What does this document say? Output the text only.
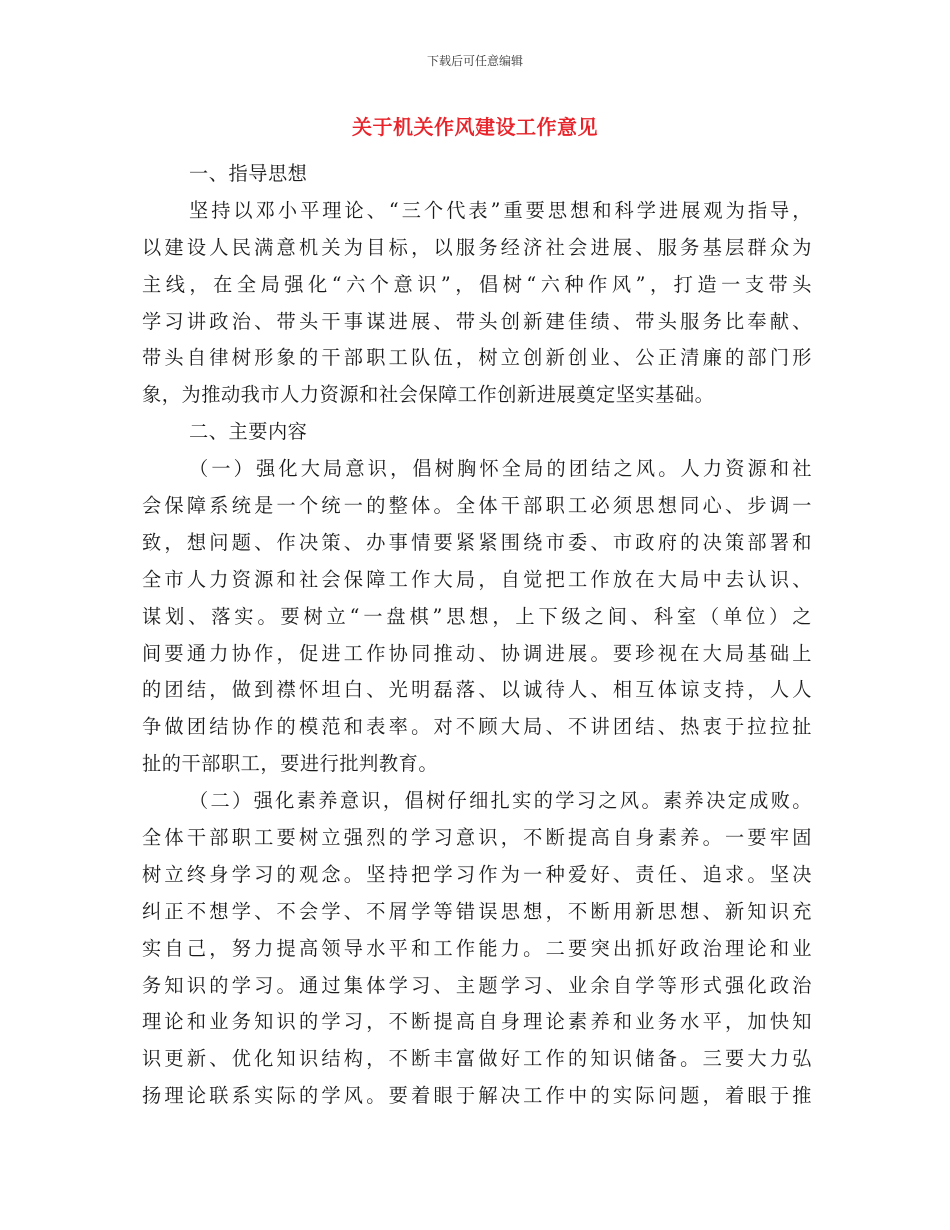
下载后可任意编辑
关于机关作风建设工作意见
一、指导思想
坚持以邓小平理论、“三个代表”重要思想和科学进展观为指导，
以建设人民满意机关为目标，以服务经济社会进展、服务基层群众为
主线，在全局强化“六个意识”，倡树“六种作风”，打造一支带头
学习讲政治、带头干事谋进展、带头创新建佳绩、带头服务比奉献、
带头自律树形象的干部职工队伍，树立创新创业、公正清廉的部门形
象，为推动我市人力资源和社会保障工作创新进展奠定坚实基础。
二、主要内容
（一）强化大局意识，倡树胸怀全局的团结之风。人力资源和社
会保障系统是一个统一的整体。全体干部职工必须思想同心、步调一
致，想问题、作决策、办事情要紧紧围绕市委、市政府的决策部署和
全市人力资源和社会保障工作大局，自觉把工作放在大局中去认识、
谋划、落实。要树立“一盘棋”思想，上下级之间、科室（单位）之
间要通力协作，促进工作协同推动、协调进展。要珍视在大局基础上
的团结，做到襟怀坦白、光明磊落、以诚待人、相互体谅支持，人人
争做团结协作的模范和表率。对不顾大局、不讲团结、热衷于拉拉扯
扯的干部职工，要进行批判教育。
（二）强化素养意识，倡树仔细扎实的学习之风。素养决定成败。
全体干部职工要树立强烈的学习意识，不断提高自身素养。一要牢固
树立终身学习的观念。坚持把学习作为一种爱好、责任、追求。坚决
纠正不想学、不会学、不屑学等错误思想，不断用新思想、新知识充
实自己，努力提高领导水平和工作能力。二要突出抓好政治理论和业
务知识的学习。通过集体学习、主题学习、业余自学等形式强化政治
理论和业务知识的学习，不断提高自身理论素养和业务水平，加快知
识更新、优化知识结构，不断丰富做好工作的知识储备。三要大力弘
扬理论联系实际的学风。要着眼于解决工作中的实际问题，着眼于推
